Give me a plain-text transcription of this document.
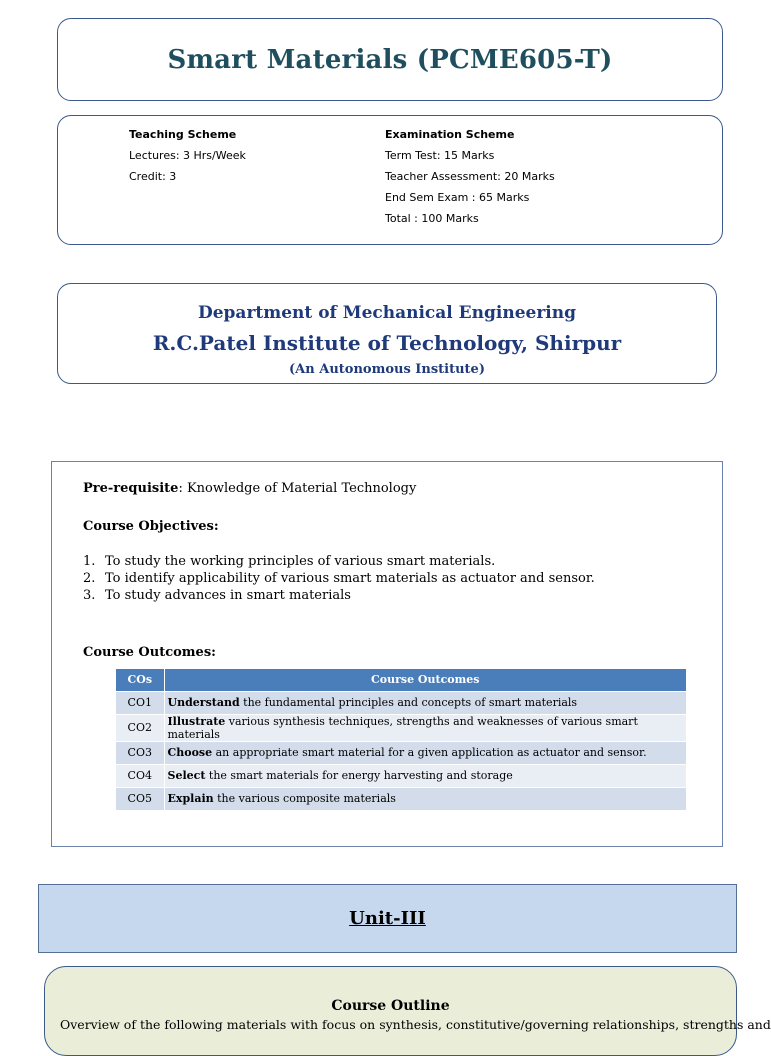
Smart Materials (PCME605-T)
Teaching Scheme
Lectures: 3 Hrs/Week
Credit: 3
Examination Scheme
Term Test: 15 Marks
Teacher Assessment: 20 Marks
End Sem Exam : 65 Marks
Total : 100 Marks
Department of Mechanical Engineering
R.C.Patel Institute of Technology, Shirpur
(An Autonomous Institute)
Pre-requisite: Knowledge of Material Technology
Course Objectives:
1. To study the working principles of various smart materials.
2. To identify applicability of various smart materials as actuator and sensor.
3. To study advances in smart materials
Course Outcomes:
COs	Course Outcomes
CO1	Understand the fundamental principles and concepts of smart materials
CO2	Illustrate various synthesis techniques, strengths and weaknesses of various smart materials
CO3	Choose an appropriate smart material for a given application as actuator and sensor.
CO4	Select the smart materials for energy harvesting and storage
CO5	Explain the various composite materials
Unit-III
Course Outline
Overview of the following materials with focus on synthesis, constitutive/governing relationships, strengths and
